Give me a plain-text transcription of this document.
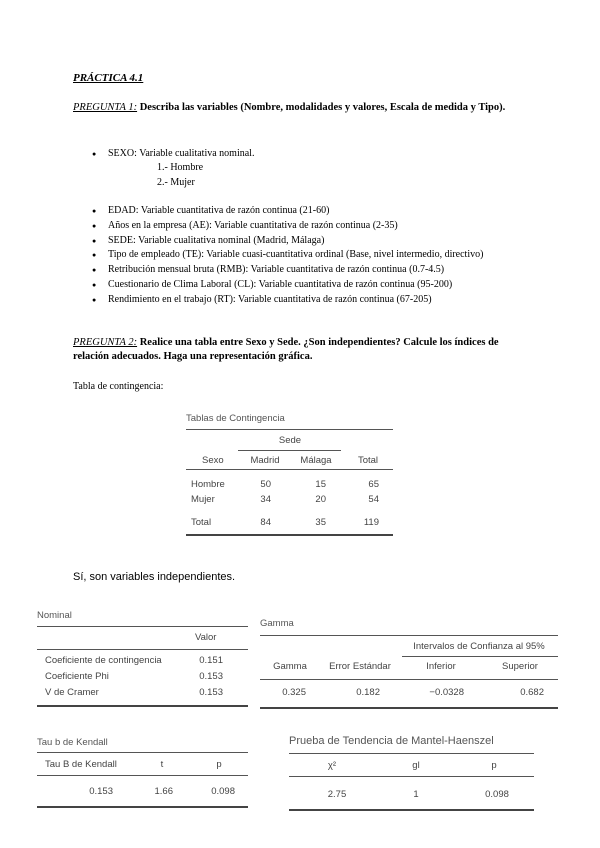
PRÁCTICA 4.1
PREGUNTA 1: Describa las variables (Nombre, modalidades y valores, Escala de medida y Tipo).
● SEXO: Variable cualitativa nominal.
1.- Hombre
2.- Mujer
● EDAD: Variable cuantitativa de razón continua (21-60)
● Años en la empresa (AE): Variable cuantitativa de razón continua (2-35)
● SEDE: Variable cualitativa nominal (Madrid, Málaga)
● Tipo de empleado (TE): Variable cuasi-cuantitativa ordinal (Base, nivel intermedio, directivo)
● Retribución mensual bruta (RMB): Variable cuantitativa de razón continua (0.7-4.5)
● Cuestionario de Clima Laboral (CL): Variable cuantitativa de razón continua (95-200)
● Rendimiento en el trabajo (RT): Variable cuantitativa de razón continua (67-205)
PREGUNTA 2: Realice una tabla entre Sexo y Sede. ¿Son independientes? Calcule los índices de relación adecuados. Haga una representación gráfica.
Tabla de contingencia:
Tablas de Contingencia
Sede
Sexo	Madrid	Málaga	Total
Hombre	50	15	65
Mujer	34	20	54
Total	84	35	119
Sí, son variables independientes.
Nominal
Valor
Coeficiente de contingencia	0.151
Coeficiente Phi	0.153
V de Cramer	0.153
Gamma
Intervalos de Confianza al 95%
Gamma	Error Estándar	Inferior	Superior
0.325	0.182	−0.0328	0.682
Tau b de Kendall
Tau B de Kendall	t	p
0.153	1.66	0.098
Prueba de Tendencia de Mantel-Haenszel
χ²	gl	p
2.75	1	0.098
